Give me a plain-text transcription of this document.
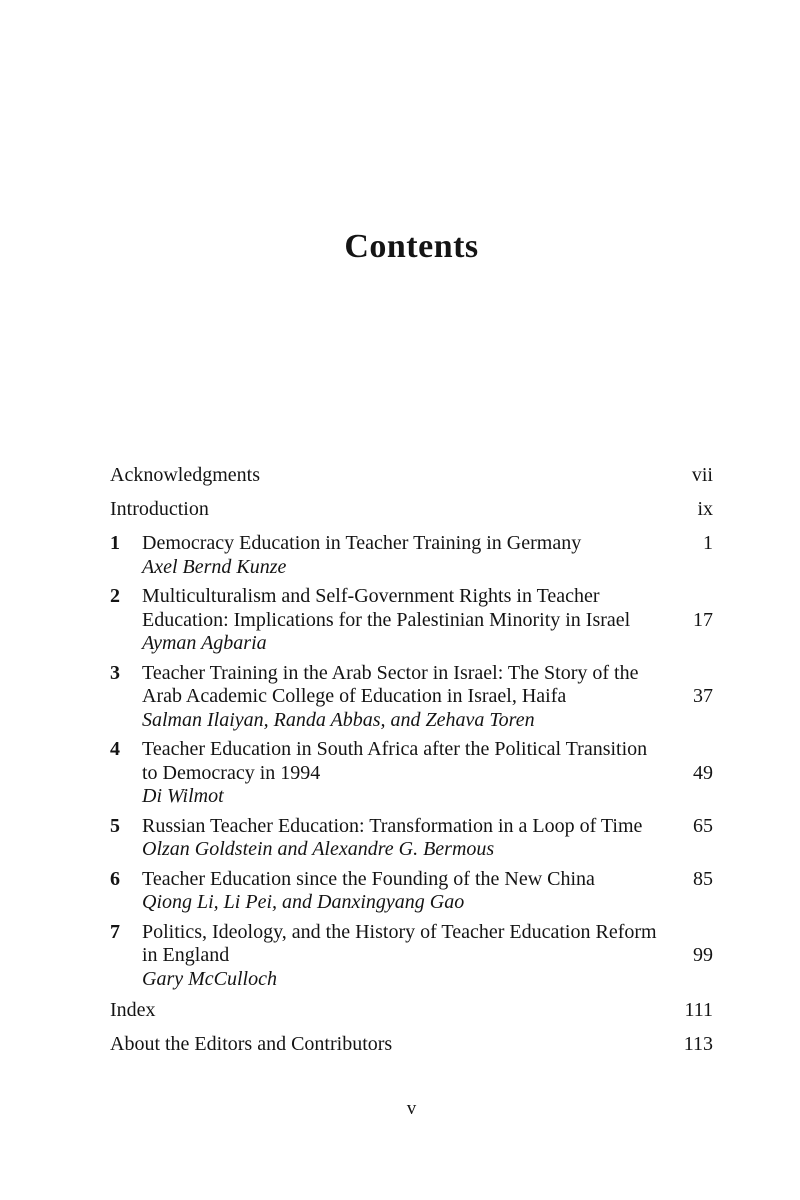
Contents
Acknowledgments	vii
Introduction	ix
1	Democracy Education in Teacher Training in Germany	1
Axel Bernd Kunze
2	Multiculturalism and Self-Government Rights in Teacher
Education: Implications for the Palestinian Minority in Israel	17
Ayman Agbaria
3	Teacher Training in the Arab Sector in Israel: The Story of the
Arab Academic College of Education in Israel, Haifa	37
Salman Ilaiyan, Randa Abbas, and Zehava Toren
4	Teacher Education in South Africa after the Political Transition
to Democracy in 1994	49
Di Wilmot
5	Russian Teacher Education: Transformation in a Loop of Time	65
Olzan Goldstein and Alexandre G. Bermous
6	Teacher Education since the Founding of the New China	85
Qiong Li, Li Pei, and Danxingyang Gao
7	Politics, Ideology, and the History of Teacher Education Reform
in England	99
Gary McCulloch
Index	111
About the Editors and Contributors	113
v
